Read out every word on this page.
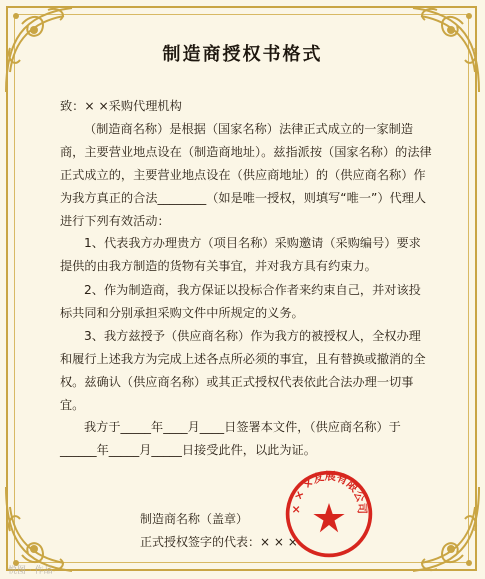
制造商授权书格式
致：× ×采购代理机构
（制造商名称）是根据（国家名称）法律正式成立的一家制造商，主要营业地点设在（制造商地址）。兹指派按（国家名称）的法律正式成立的，主要营业地点设在（供应商地址）的（供应商名称）作为我方真正的合法________（如是唯一授权，则填写“唯一”）代理人进行下列有效活动：
1、代表我方办理贵方（项目名称）采购邀请（采购编号）要求提供的由我方制造的货物有关事宜，并对我方具有约束力。
2、作为制造商，我方保证以投标合作者来约束自己，并对该投标共同和分别承担采购文件中所规定的义务。
3、我方兹授予（供应商名称）作为我方的被授权人，全权办理和履行上述我方为完成上述各点所必须的事宜，且有替换或撤消的全权。兹确认（供应商名称）或其正式授权代表依此合法办理一切事宜。
我方于_____年____月____日签署本文件，（供应商名称）于______年_____月_____日接受此件，以此为证。
制造商名称（盖章）
正式授权签字的代表：× × ×
× × ×发展有限公司
悦图 · 作品
